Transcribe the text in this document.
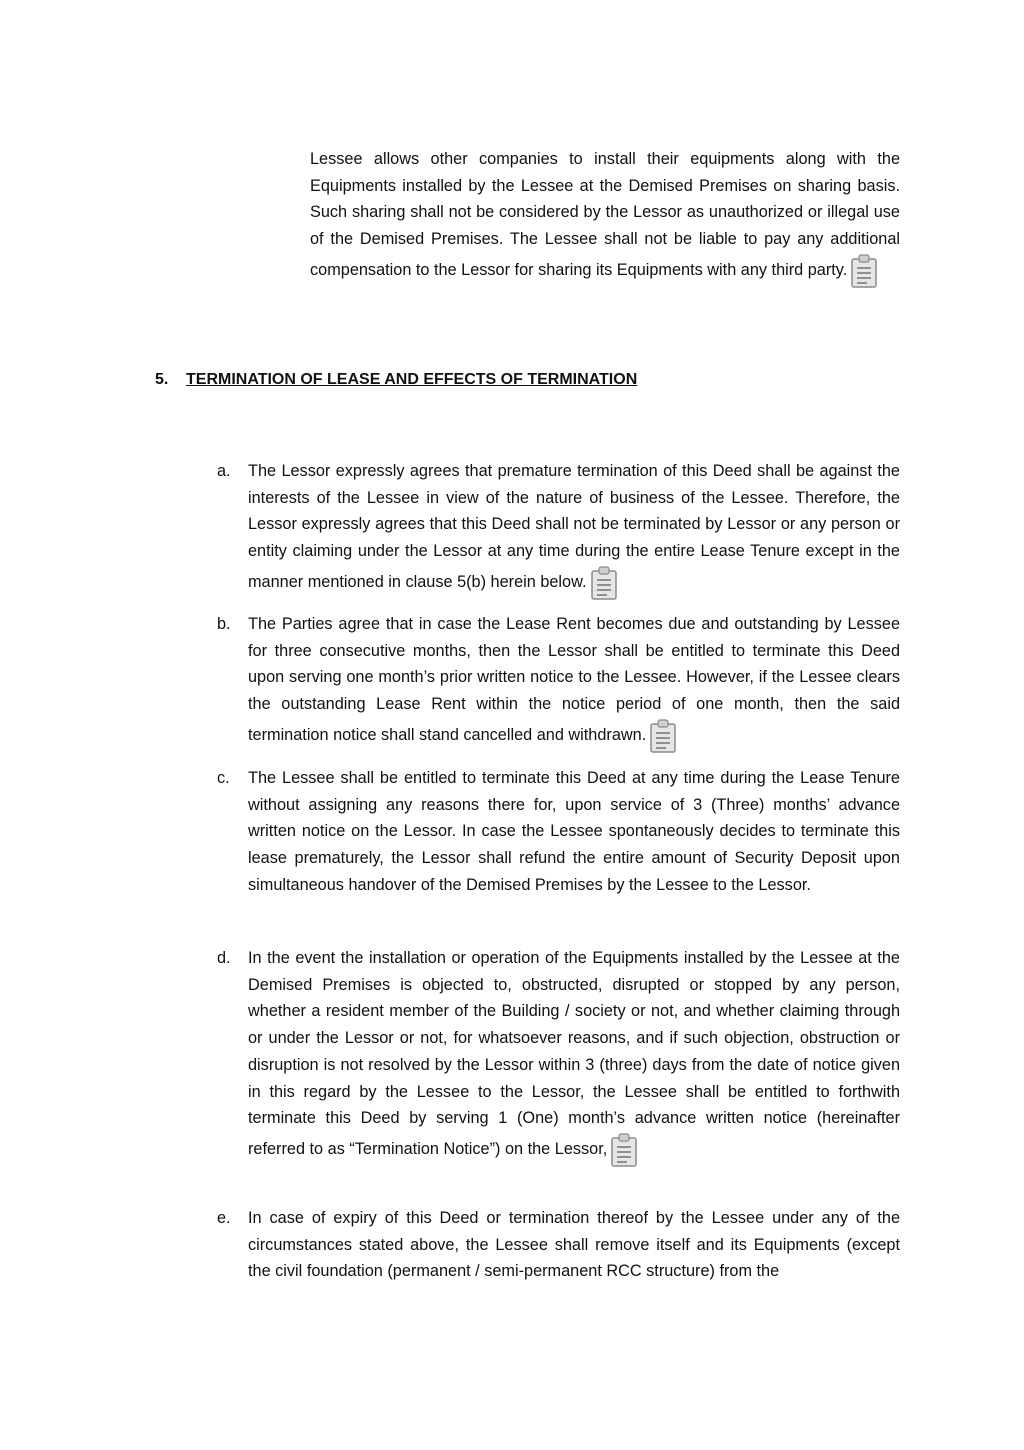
Lessee allows other companies to install their equipments along with the Equipments installed by the Lessee at the Demised Premises on sharing basis. Such sharing shall not be considered by the Lessor as unauthorized or illegal use of the Demised Premises. The Lessee shall not be liable to pay any additional compensation to the Lessor for sharing its Equipments with any third party.

5. TERMINATION OF LEASE AND EFFECTS OF TERMINATION

a. The Lessor expressly agrees that premature termination of this Deed shall be against the interests of the Lessee in view of the nature of business of the Lessee. Therefore, the Lessor expressly agrees that this Deed shall not be terminated by Lessor or any person or entity claiming under the Lessor at any time during the entire Lease Tenure except in the manner mentioned in clause 5(b) herein below.

b. The Parties agree that in case the Lease Rent becomes due and outstanding by Lessee for three consecutive months, then the Lessor shall be entitled to terminate this Deed upon serving one month’s prior written notice to the Lessee. However, if the Lessee clears the outstanding Lease Rent within the notice period of one month, then the said termination notice shall stand cancelled and withdrawn.

c. The Lessee shall be entitled to terminate this Deed at any time during the Lease Tenure without assigning any reasons there for, upon service of 3 (Three) months’ advance written notice on the Lessor. In case the Lessee spontaneously decides to terminate this lease prematurely, the Lessor shall refund the entire amount of Security Deposit upon simultaneous handover of the Demised Premises by the Lessee to the Lessor.

d. In the event the installation or operation of the Equipments installed by the Lessee at the Demised Premises is objected to, obstructed, disrupted or stopped by any person, whether a resident member of the Building / society or not, and whether claiming through or under the Lessor or not, for whatsoever reasons, and if such objection, obstruction or disruption is not resolved by the Lessor within 3 (three) days from the date of notice given in this regard by the Lessee to the Lessor, the Lessee shall be entitled to forthwith terminate this Deed by serving 1 (One) month’s advance written notice (hereinafter referred to as “Termination Notice”) on the Lessor,

e. In case of expiry of this Deed or termination thereof by the Lessee under any of the circumstances stated above, the Lessee shall remove itself and its Equipments (except the civil foundation (permanent / semi-permanent RCC structure) from the
